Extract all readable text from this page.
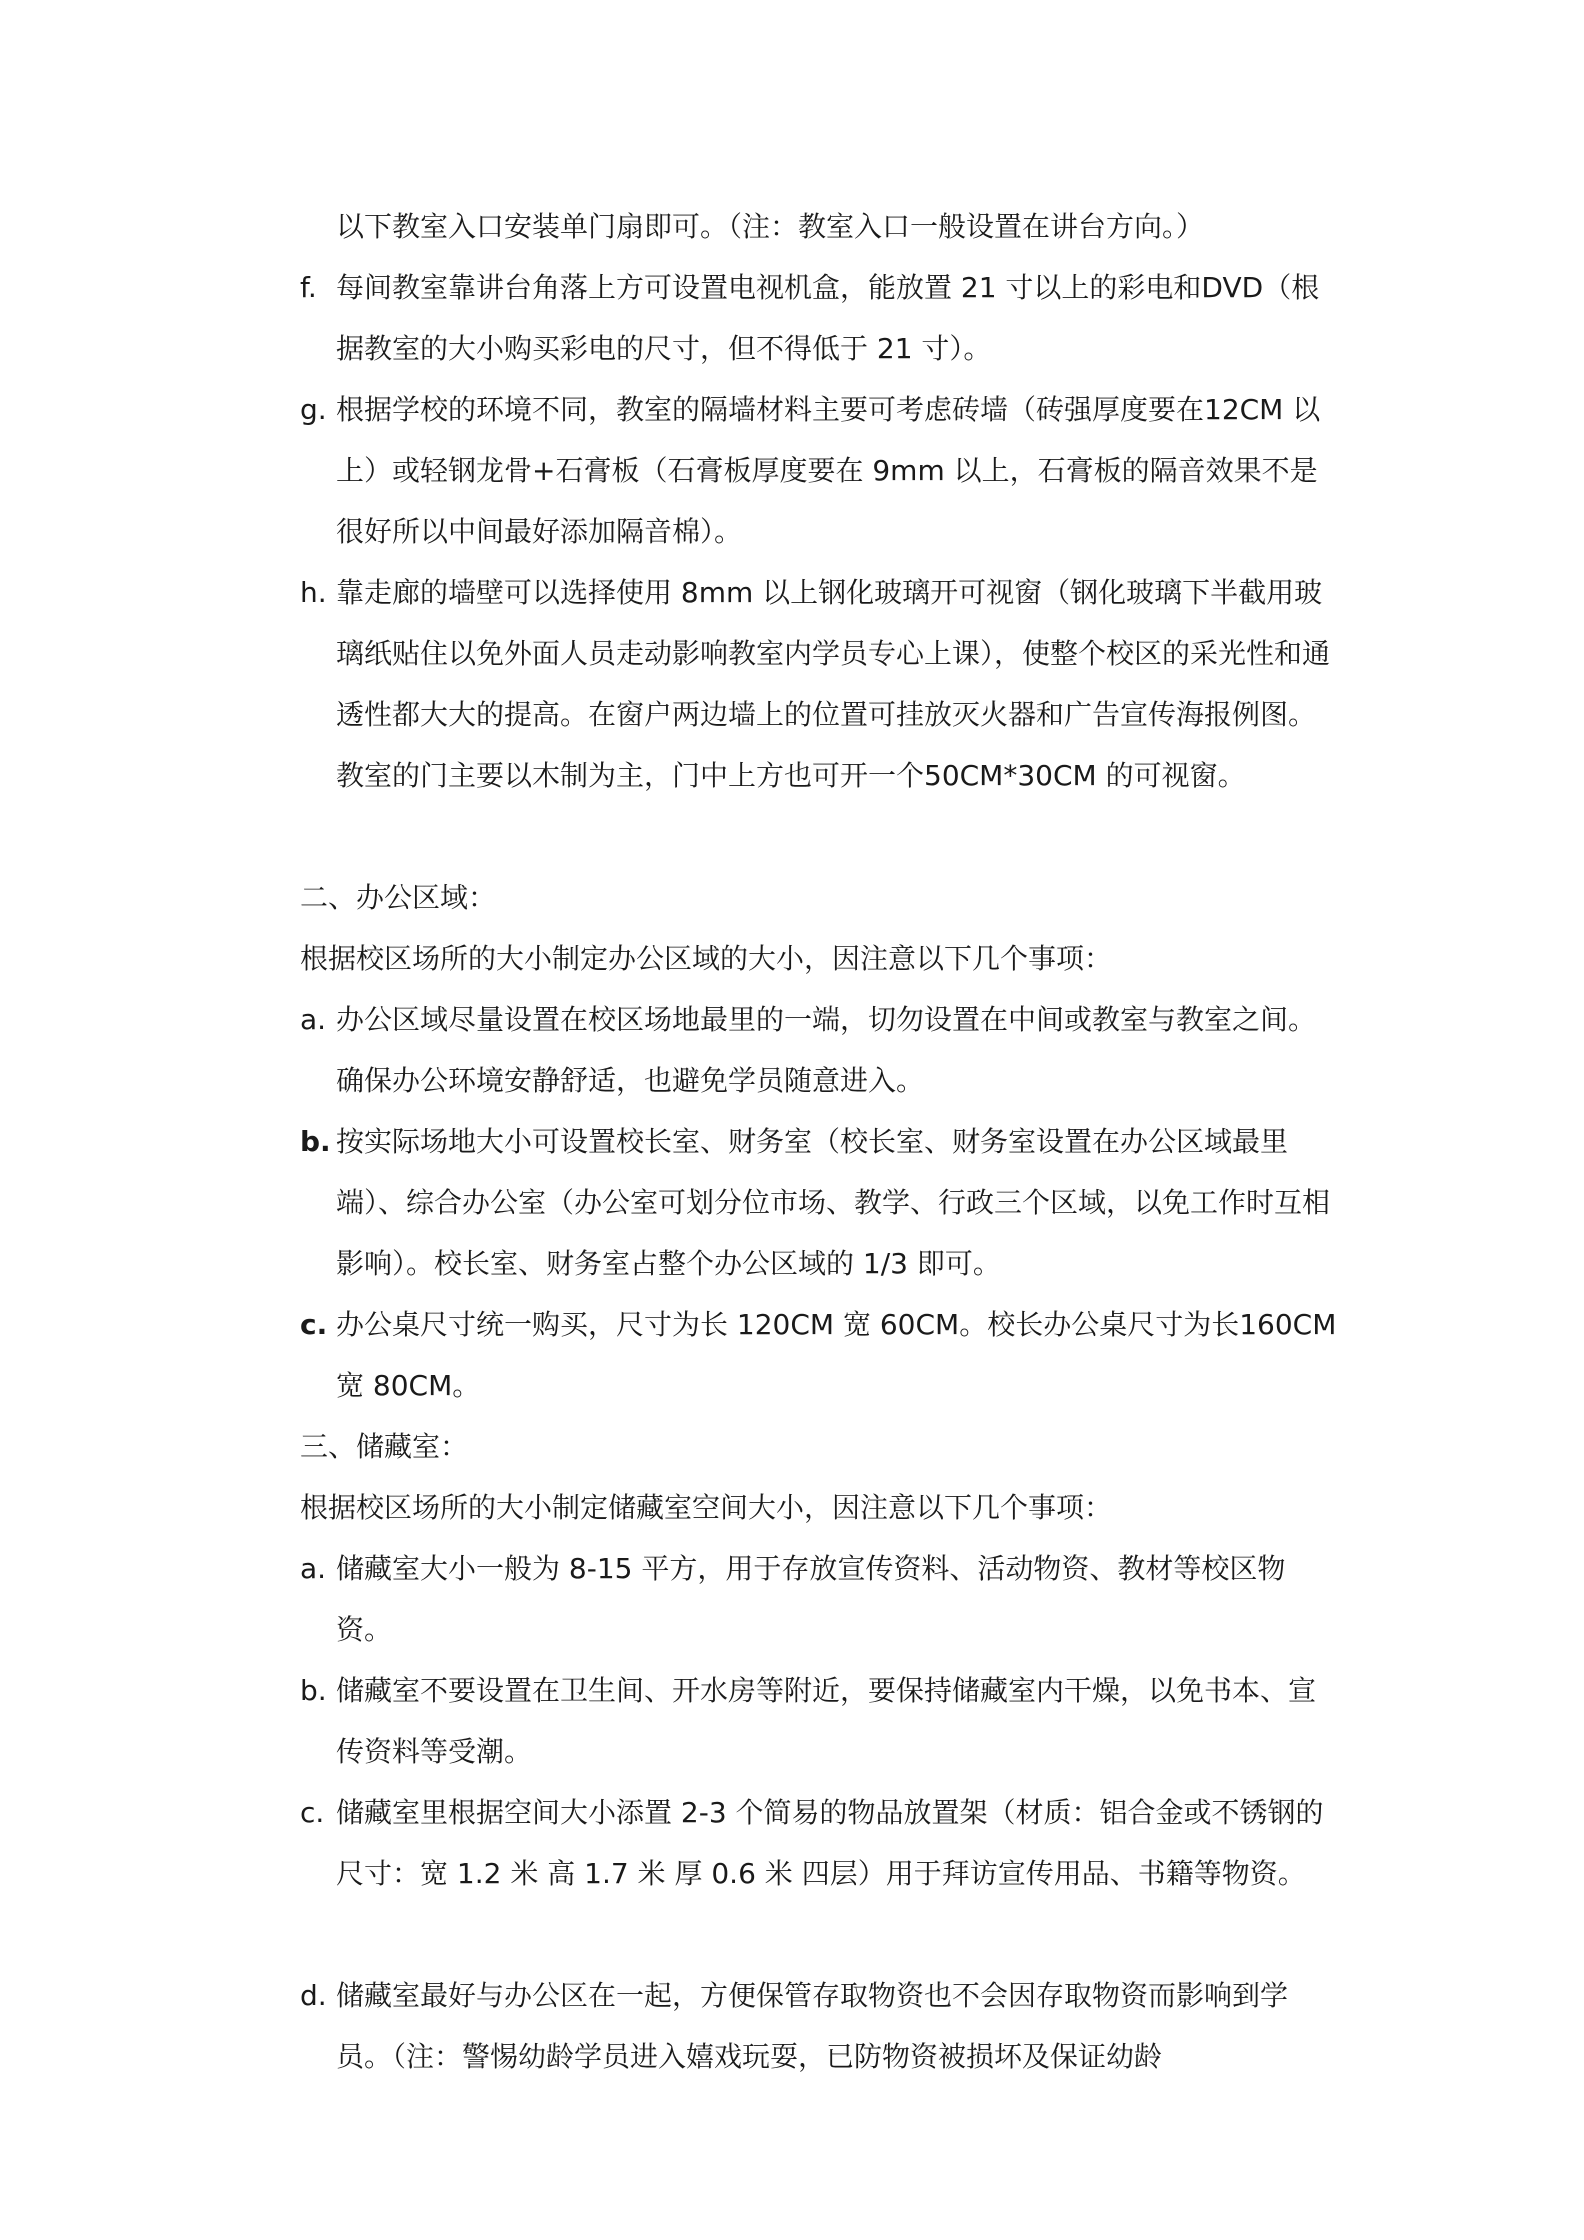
以下教室入口安装单门扇即可。（注：教室入口一般设置在讲台方向。）

f. 每间教室靠讲台角落上方可设置电视机盒，能放置 21 寸以上的彩电和DVD（根据教室的大小购买彩电的尺寸，但不得低于 21 寸）。
g. 根据学校的环境不同，教室的隔墙材料主要可考虑砖墙（砖强厚度要在12CM 以上）或轻钢龙骨+石膏板（石膏板厚度要在 9mm 以上，石膏板的隔音效果不是很好所以中间最好添加隔音棉）。
h. 靠走廊的墙壁可以选择使用 8mm 以上钢化玻璃开可视窗（钢化玻璃下半截用玻璃纸贴住以免外面人员走动影响教室内学员专心上课），使整个校区的采光性和通透性都大大的提高。在窗户两边墙上的位置可挂放灭火器和广告宣传海报例图。教室的门主要以木制为主，门中上方也可开一个50CM*30CM 的可视窗。

二、办公区域：

根据校区场所的大小制定办公区域的大小，因注意以下几个事项：

a. 办公区域尽量设置在校区场地最里的一端，切勿设置在中间或教室与教室之间。确保办公环境安静舒适，也避免学员随意进入。
b. 按实际场地大小可设置校长室、财务室（校长室、财务室设置在办公区域最里端）、综合办公室（办公室可划分位市场、教学、行政三个区域，以免工作时互相影响）。校长室、财务室占整个办公区域的 1/3 即可。
c. 办公桌尺寸统一购买，尺寸为长 120CM 宽 60CM。校长办公桌尺寸为长160CM 宽 80CM。

三、储藏室：

根据校区场所的大小制定储藏室空间大小，因注意以下几个事项：

a. 储藏室大小一般为 8-15 平方，用于存放宣传资料、活动物资、教材等校区物资。
b. 储藏室不要设置在卫生间、开水房等附近，要保持储藏室内干燥，以免书本、宣传资料等受潮。
c. 储藏室里根据空间大小添置 2-3 个简易的物品放置架（材质：铝合金或不锈钢的 尺寸：宽 1.2 米 高 1.7 米 厚 0.6 米 四层）用于拜访宣传用品、书籍等物资。
d. 储藏室最好与办公区在一起，方便保管存取物资也不会因存取物资而影响到学员。（注：警惕幼龄学员进入嬉戏玩耍，已防物资被损坏及保证幼龄
